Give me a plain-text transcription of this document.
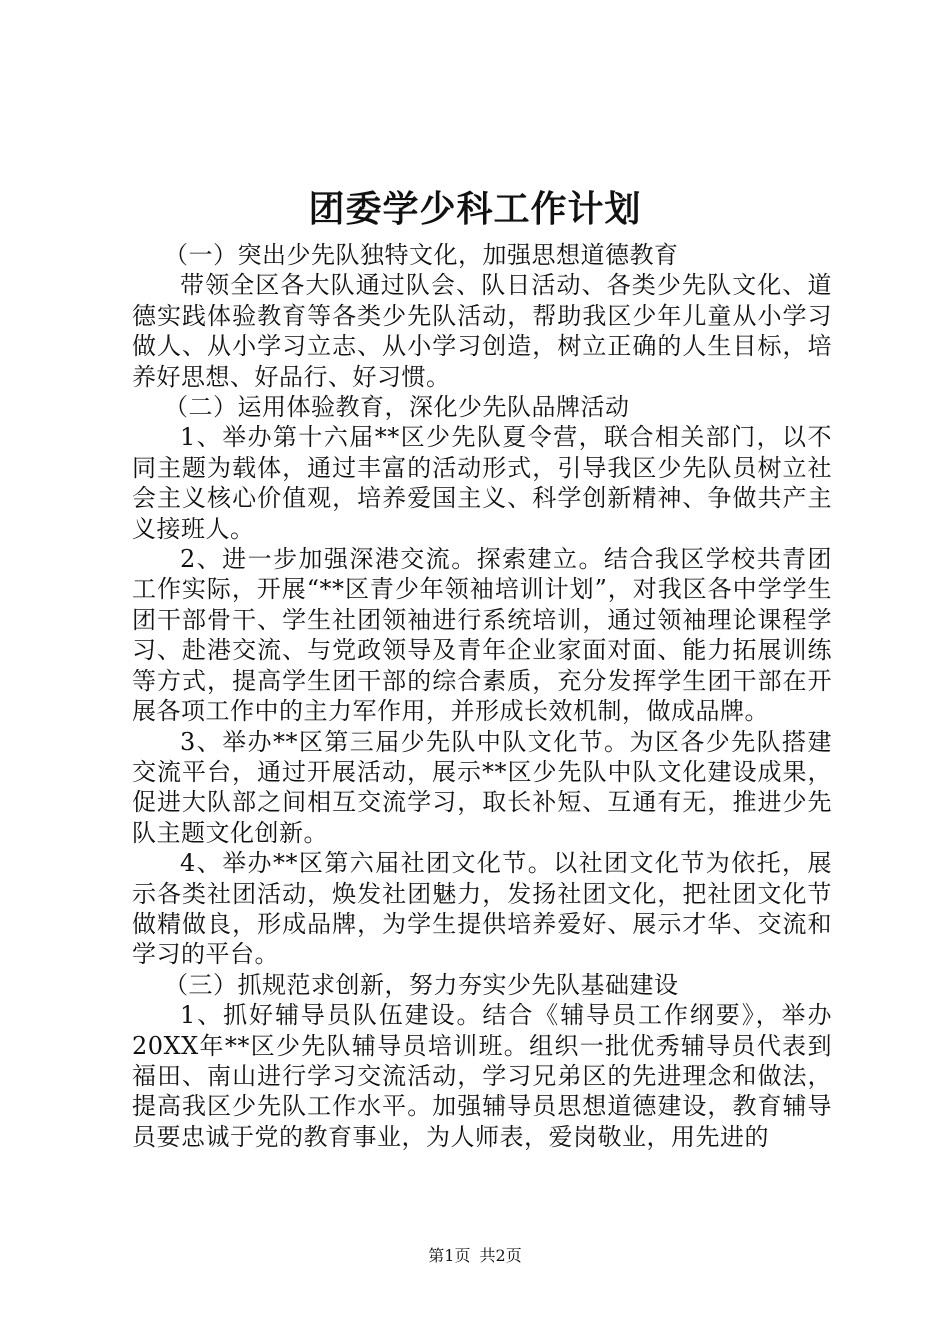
团委学少科工作计划

（一）突出少先队独特文化，加强思想道德教育

带领全区各大队通过队会、队日活动、各类少先队文化、道德实践体验教育等各类少先队活动，帮助我区少年儿童从小学习做人、从小学习立志、从小学习创造，树立正确的人生目标，培养好思想、好品行、好习惯。

（二）运用体验教育，深化少先队品牌活动

1、举办第十六届**区少先队夏令营，联合相关部门，以不同主题为载体，通过丰富的活动形式，引导我区少先队员树立社会主义核心价值观，培养爱国主义、科学创新精神、争做共产主义接班人。

2、进一步加强深港交流。探索建立。结合我区学校共青团工作实际，开展“**区青少年领袖培训计划”，对我区各中学学生团干部骨干、学生社团领袖进行系统培训，通过领袖理论课程学习、赴港交流、与党政领导及青年企业家面对面、能力拓展训练等方式，提高学生团干部的综合素质，充分发挥学生团干部在开展各项工作中的主力军作用，并形成长效机制，做成品牌。

3、举办**区第三届少先队中队文化节。为区各少先队搭建交流平台，通过开展活动，展示**区少先队中队文化建设成果，促进大队部之间相互交流学习，取长补短、互通有无，推进少先队主题文化创新。

4、举办**区第六届社团文化节。以社团文化节为依托，展示各类社团活动，焕发社团魅力，发扬社团文化，把社团文化节做精做良，形成品牌，为学生提供培养爱好、展示才华、交流和学习的平台。

（三）抓规范求创新，努力夯实少先队基础建设

1、抓好辅导员队伍建设。结合《辅导员工作纲要》，举办20XX年**区少先队辅导员培训班。组织一批优秀辅导员代表到福田、南山进行学习交流活动，学习兄弟区的先进理念和做法，提高我区少先队工作水平。加强辅导员思想道德建设，教育辅导员要忠诚于党的教育事业，为人师表，爱岗敬业，用先进的

第1页 共2页
